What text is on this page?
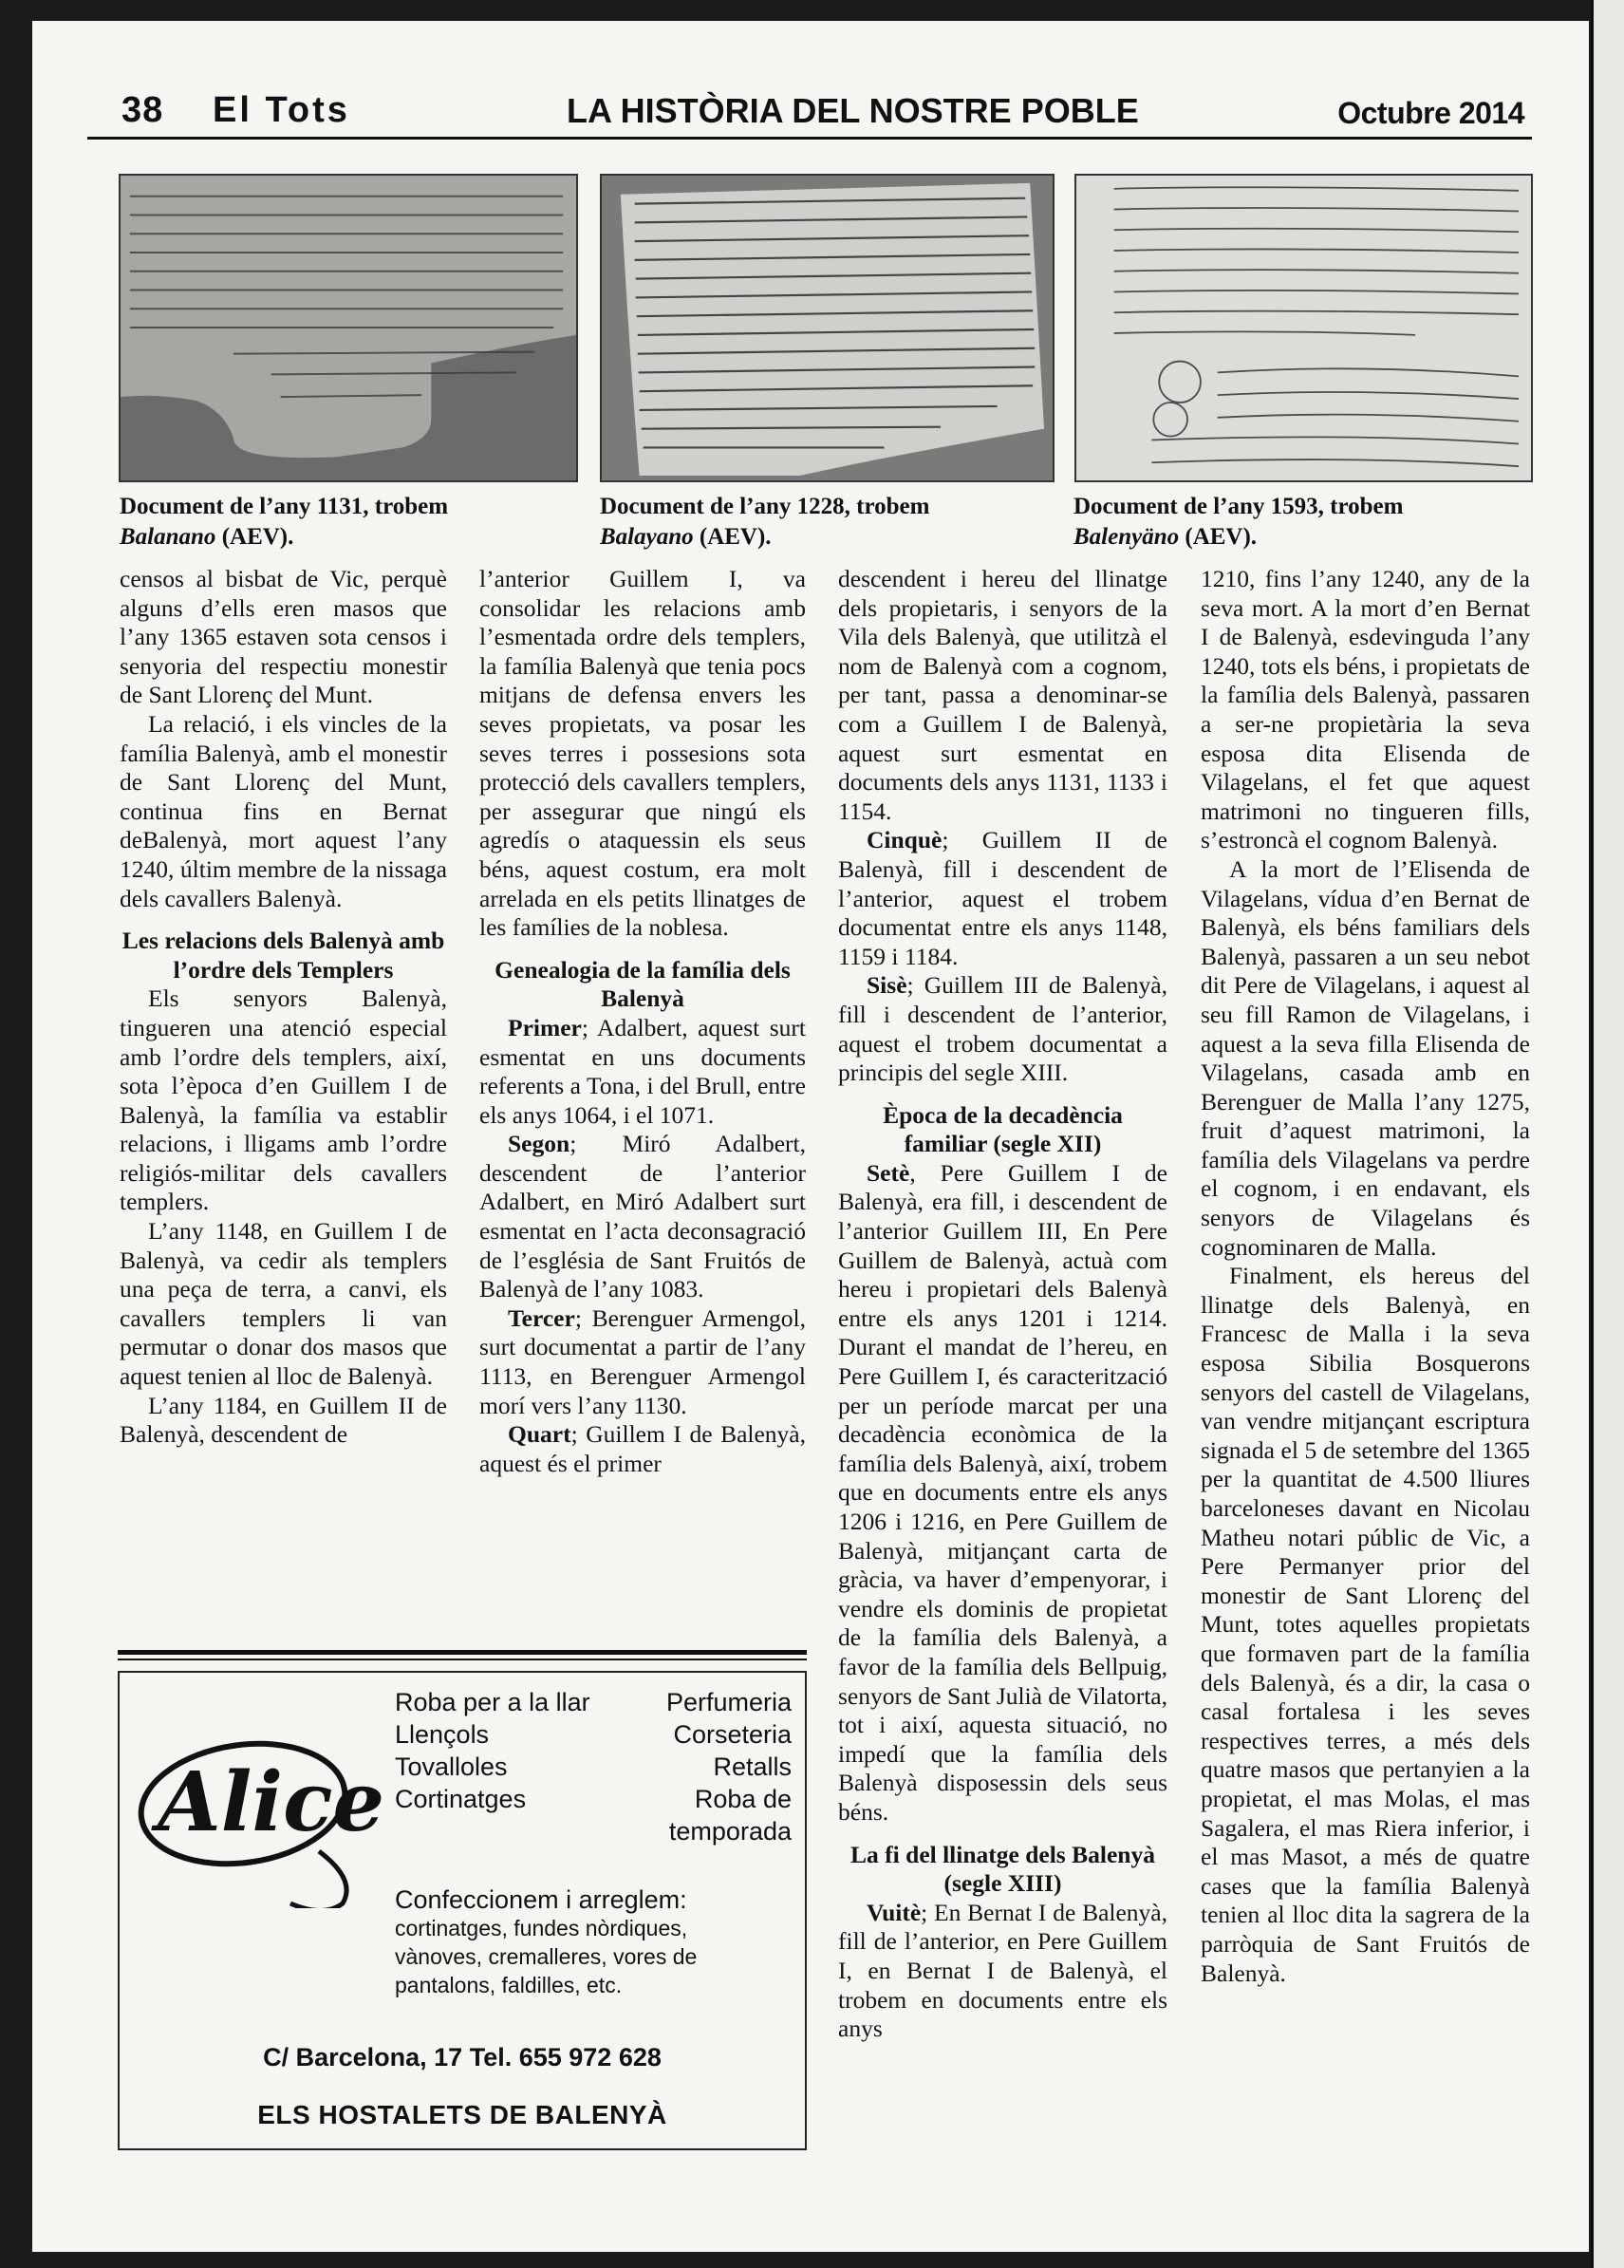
38 El Tots	LA HISTÒRIA DEL NOSTRE POBLE	Octubre 2014
Document de l’any 1131, trobem
Balanano (AEV).
Document de l’any 1228, trobem
Balayano (AEV).
Document de l’any 1593, trobem
Balenyäno (AEV).

censos al bisbat de Vic, perquè alguns d’ells eren masos que l’any 1365 estaven sota censos i senyoria del respectiu monestir de Sant Llorenç del Munt.

La relació, i els vincles de la família Balenyà, amb el monestir de Sant Llorenç del Munt, continua fins en Bernat deBalenyà, mort aquest l’any 1240, últim membre de la nissaga dels cavallers Balenyà.

Les relacions dels Balenyà amb l’ordre dels Templers

Els senyors Balenyà, tingueren una atenció especial amb l’ordre dels templers, així, sota l’època d’en Guillem I de Balenyà, la família va establir relacions, i lligams amb l’ordre religiós-militar dels cavallers templers.

L’any 1148, en Guillem I de Balenyà, va cedir als templers una peça de terra, a canvi, els cavallers templers li van permutar o donar dos masos que aquest tenien al lloc de Balenyà.

L’any 1184, en Guillem II de Balenyà, descendent de

l’anterior Guillem I, va consolidar les relacions amb l’esmentada ordre dels templers, la família Balenyà que tenia pocs mitjans de defensa envers les seves propietats, va posar les seves terres i possesions sota protecció dels cavallers templers, per assegurar que ningú els agredís o ataquessin els seus béns, aquest costum, era molt arrelada en els petits llinatges de les famílies de la noblesa.

Genealogia de la família dels Balenyà

Primer; Adalbert, aquest surt esmentat en uns documents referents a Tona, i del Brull, entre els anys 1064, i el 1071.

Segon; Miró Adalbert, descendent de l’anterior Adalbert, en Miró Adalbert surt esmentat en l’acta deconsagració de l’església de Sant Fruitós de Balenyà de l’any 1083.

Tercer; Berenguer Armengol, surt documentat a partir de l’any 1113, en Berenguer Armengol morí vers l’any 1130.

Quart; Guillem I de Balenyà, aquest és el primer

descendent i hereu del llinatge dels propietaris, i senyors de la Vila dels Balenyà, que utilitzà el nom de Balenyà com a cognom, per tant, passa a denominar-se com a Guillem I de Balenyà, aquest surt esmentat en documents dels anys 1131, 1133 i 1154.

Cinquè; Guillem II de Balenyà, fill i descendent de l’anterior, aquest el trobem documentat entre els anys 1148, 1159 i 1184.

Sisè; Guillem III de Balenyà, fill i descendent de l’anterior, aquest el trobem documentat a principis del segle XIII.

Època de la decadència familiar (segle XII)

Setè, Pere Guillem I de Balenyà, era fill, i descendent de l’anterior Guillem III, En Pere Guillem de Balenyà, actuà com hereu i propietari dels Balenyà entre els anys 1201 i 1214. Durant el mandat de l’hereu, en Pere Guillem I, és caracterització per un període marcat per una decadència econòmica de la família dels Balenyà, així, trobem que en documents entre els anys 1206 i 1216, en Pere Guillem de Balenyà, mitjançant carta de gràcia, va haver d’empenyorar, i vendre els dominis de propietat de la família dels Balenyà, a favor de la família dels Bellpuig, senyors de Sant Julià de Vilatorta, tot i així, aquesta situació, no impedí que la família dels Balenyà disposessin dels seus béns.

La fi del llinatge dels Balenyà (segle XIII)

Vuitè; En Bernat I de Balenyà, fill de l’anterior, en Pere Guillem I, en Bernat I de Balenyà, el trobem en documents entre els anys

1210, fins l’any 1240, any de la seva mort. A la mort d’en Bernat I de Balenyà, esdevinguda l’any 1240, tots els béns, i propietats de la família dels Balenyà, passaren a ser-ne propietària la seva esposa dita Elisenda de Vilagelans, el fet que aquest matrimoni no tingueren fills, s’estroncà el cognom Balenyà.

A la mort de l’Elisenda de Vilagelans, vídua d’en Bernat de Balenyà, els béns familiars dels Balenyà, passaren a un seu nebot dit Pere de Vilagelans, i aquest al seu fill Ramon de Vilagelans, i aquest a la seva filla Elisenda de Vilagelans, casada amb en Berenguer de Malla l’any 1275, fruit d’aquest matrimoni, la família dels Vilagelans va perdre el cognom, i en endavant, els senyors de Vilagelans és cognominaren de Malla.

Finalment, els hereus del llinatge dels Balenyà, en Francesc de Malla i la seva esposa Sibilia Bosquerons senyors del castell de Vilagelans, van vendre mitjançant escriptura signada el 5 de setembre del 1365 per la quantitat de 4.500 lliures barceloneses davant en Nicolau Matheu notari públic de Vic, a Pere Permanyer prior del monestir de Sant Llorenç del Munt, totes aquelles propietats que formaven part de la família dels Balenyà, és a dir, la casa o casal fortalesa i les seves respectives terres, a més dels quatre masos que pertanyien a la propietat, el mas Molas, el mas Sagalera, el mas Riera inferior, i el mas Masot, a més de quatre cases que la família Balenyà tenien al lloc dita la sagrera de la parròquia de Sant Fruitós de Balenyà.

Alice
Roba per a la llar
Llençols
Tovalloles
Cortinatges
Perfumeria
Corseteria
Retalls
Roba de
temporada
Confeccionem i arreglem:
cortinatges, fundes nòrdiques,
vànoves, cremalleres, vores de
pantalons, faldilles, etc.
C/ Barcelona, 17 Tel. 655 972 628
ELS HOSTALETS DE BALENYÀ
